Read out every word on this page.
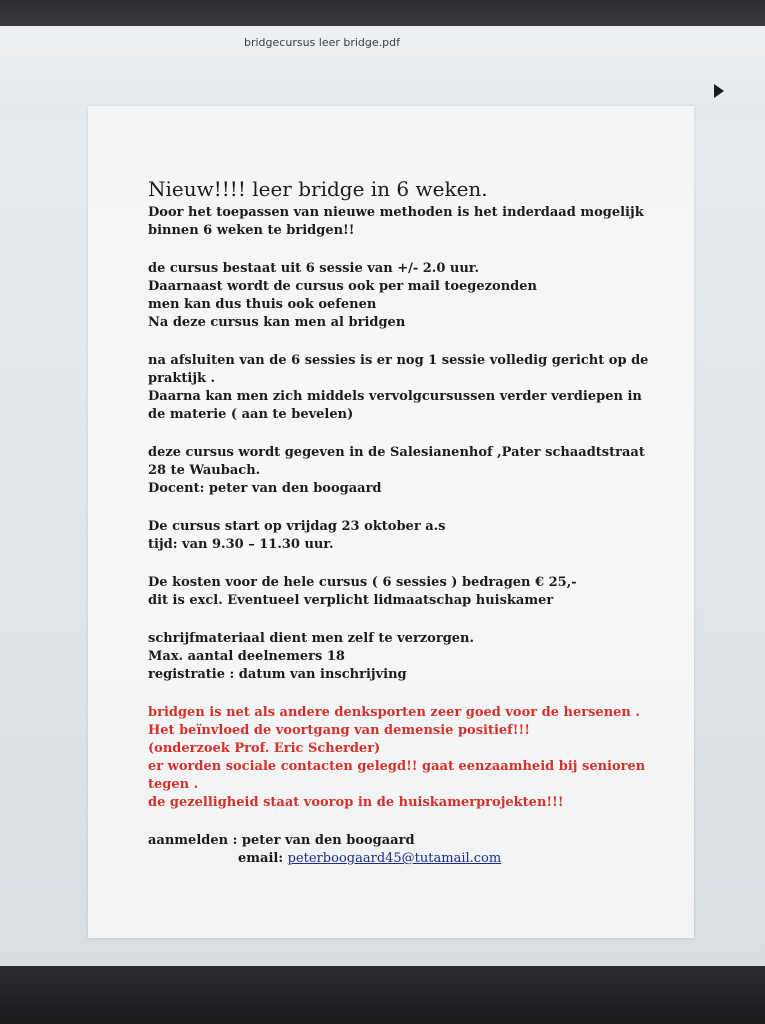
bridgecursus leer bridge.pdf
Nieuw!!!! leer bridge in 6 weken.
Door het toepassen van nieuwe methoden is het inderdaad mogelijk
binnen 6 weken te bridgen!!
de cursus bestaat uit 6 sessie van +/- 2.0 uur.
Daarnaast wordt de cursus ook per mail toegezonden
men kan dus thuis ook oefenen
Na deze cursus kan men al bridgen
na afsluiten van de 6 sessies is er nog 1 sessie volledig gericht op de
praktijk .
Daarna kan men zich middels vervolgcursussen verder verdiepen in
de materie ( aan te bevelen)
deze cursus wordt gegeven in de Salesianenhof ,Pater schaadtstraat
28 te Waubach.
Docent: peter van den boogaard
De cursus start op vrijdag 23 oktober a.s
tijd: van 9.30 – 11.30 uur.
De kosten voor de hele cursus ( 6 sessies ) bedragen € 25,-
dit is excl. Eventueel verplicht lidmaatschap huiskamer
schrijfmateriaal dient men zelf te verzorgen.
Max. aantal deelnemers 18
registratie : datum van inschrijving
bridgen is net als andere denksporten zeer goed voor de hersenen .
Het beïnvloed de voortgang van demensie positief!!!
(onderzoek Prof. Eric Scherder)
er worden sociale contacten gelegd!! gaat eenzaamheid bij senioren
tegen .
de gezelligheid staat voorop in de huiskamerprojekten!!!
aanmelden : peter van den boogaard
email: peterboogaard45@tutamail.com
